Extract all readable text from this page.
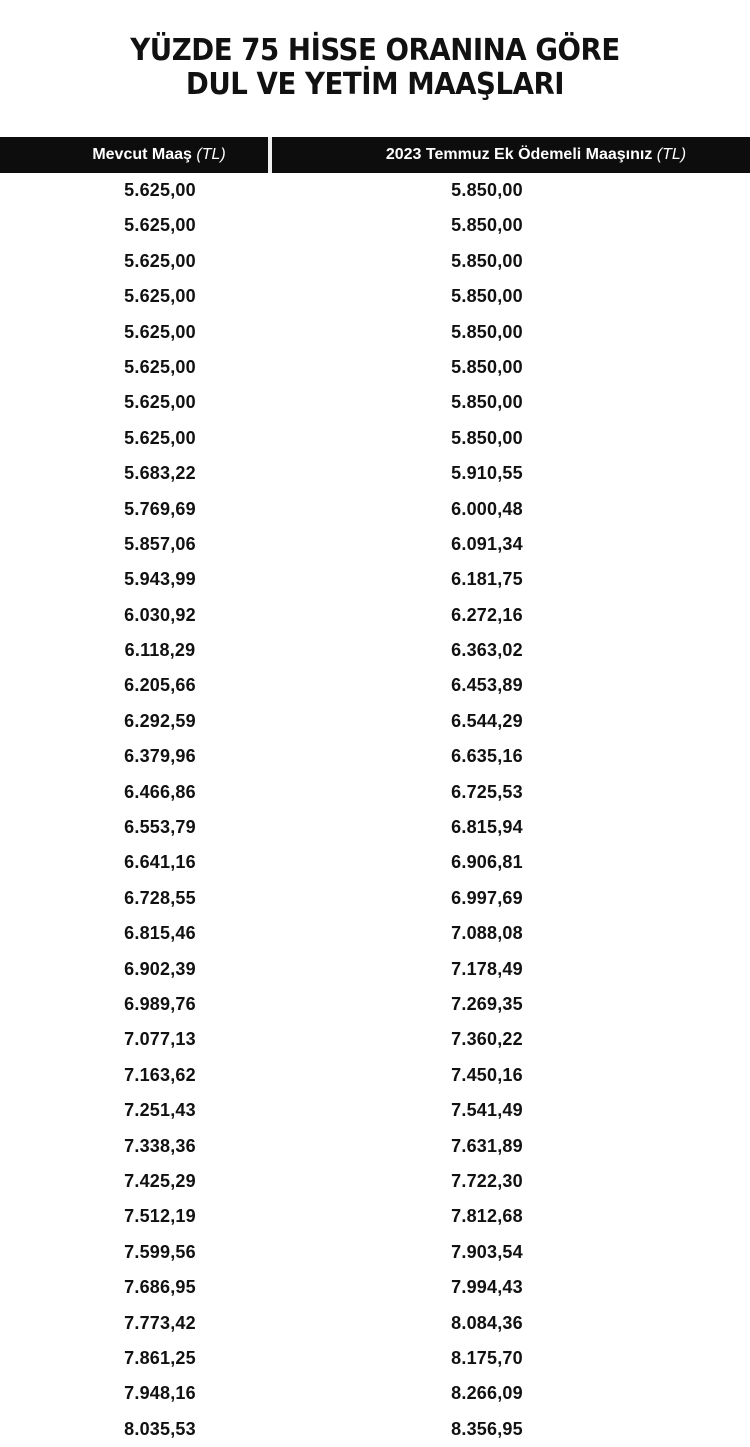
YÜZDE 75 HİSSE ORANINA GÖRE
DUL VE YETİM MAAŞLARI
Mevcut Maaş (TL)	2023 Temmuz Ek Ödemeli Maaşınız (TL)
5.625,00	5.850,00
5.625,00	5.850,00
5.625,00	5.850,00
5.625,00	5.850,00
5.625,00	5.850,00
5.625,00	5.850,00
5.625,00	5.850,00
5.625,00	5.850,00
5.683,22	5.910,55
5.769,69	6.000,48
5.857,06	6.091,34
5.943,99	6.181,75
6.030,92	6.272,16
6.118,29	6.363,02
6.205,66	6.453,89
6.292,59	6.544,29
6.379,96	6.635,16
6.466,86	6.725,53
6.553,79	6.815,94
6.641,16	6.906,81
6.728,55	6.997,69
6.815,46	7.088,08
6.902,39	7.178,49
6.989,76	7.269,35
7.077,13	7.360,22
7.163,62	7.450,16
7.251,43	7.541,49
7.338,36	7.631,89
7.425,29	7.722,30
7.512,19	7.812,68
7.599,56	7.903,54
7.686,95	7.994,43
7.773,42	8.084,36
7.861,25	8.175,70
7.948,16	8.266,09
8.035,53	8.356,95
